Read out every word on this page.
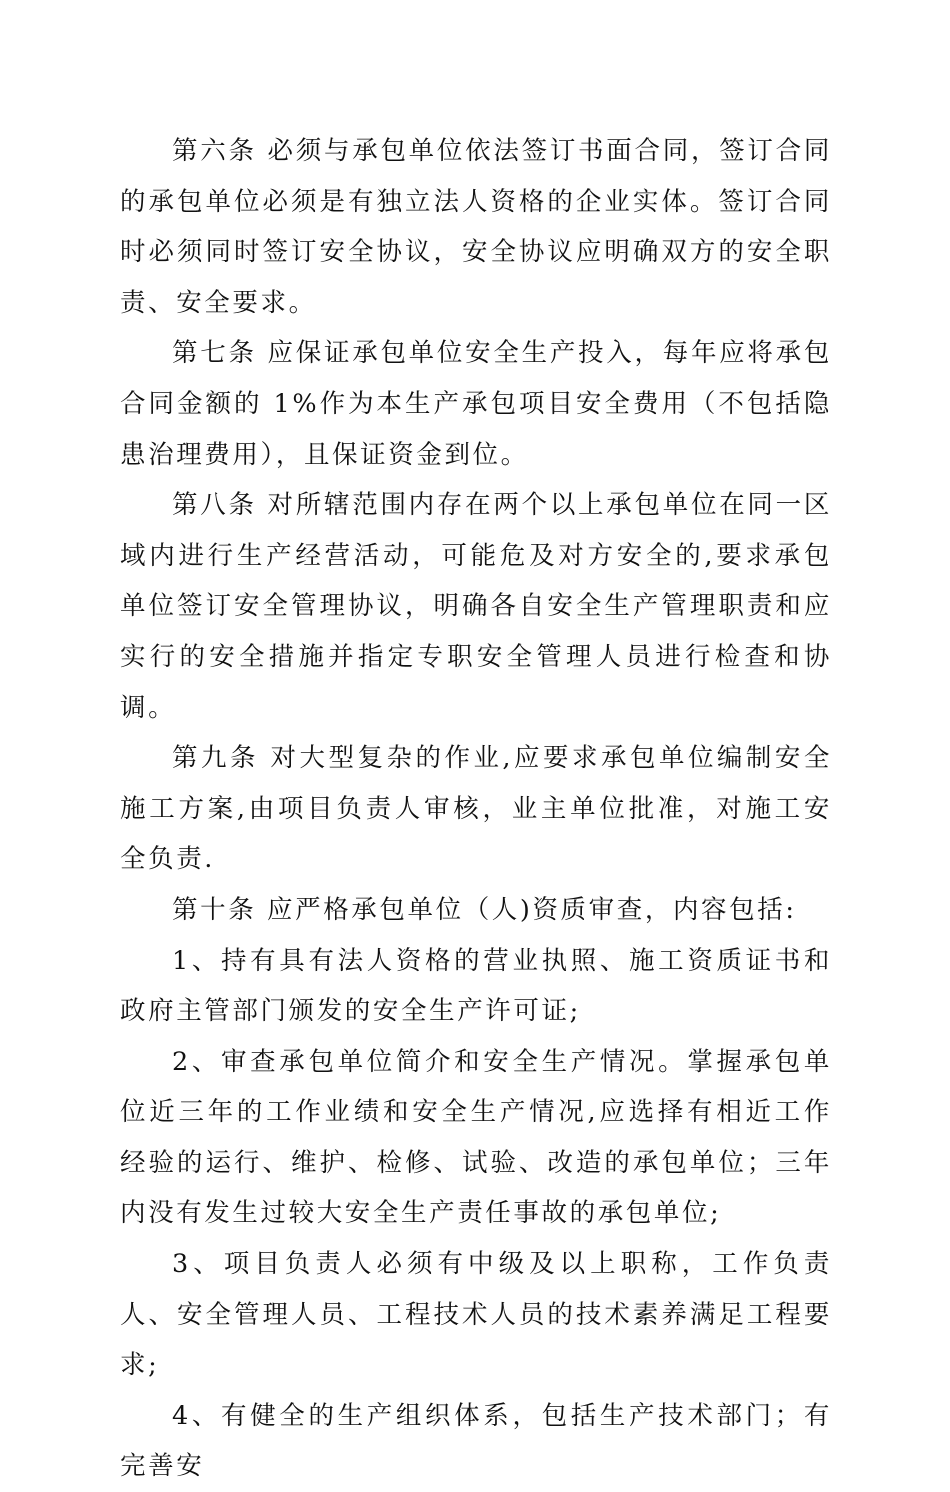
第六条 必须与承包单位依法签订书面合同，签订合同的承包单位必须是有独立法人资格的企业实体。签订合同时必须同时签订安全协议，安全协议应明确双方的安全职责、安全要求。

第七条 应保证承包单位安全生产投入，每年应将承包合同金额的 1%作为本生产承包项目安全费用（不包括隐患治理费用），且保证资金到位。

第八条 对所辖范围内存在两个以上承包单位在同一区域内进行生产经营活动，可能危及对方安全的,要求承包单位签订安全管理协议，明确各自安全生产管理职责和应实行的安全措施并指定专职安全管理人员进行检查和协调。

第九条 对大型复杂的作业,应要求承包单位编制安全施工方案,由项目负责人审核，业主单位批准，对施工安全负责.

第十条 应严格承包单位（人)资质审查，内容包括:

1、持有具有法人资格的营业执照、施工资质证书和政府主管部门颁发的安全生产许可证;

2、审查承包单位简介和安全生产情况。掌握承包单位近三年的工作业绩和安全生产情况,应选择有相近工作经验的运行、维护、检修、试验、改造的承包单位；三年内没有发生过较大安全生产责任事故的承包单位;

3、项目负责人必须有中级及以上职称，工作负责人、安全管理人员、工程技术人员的技术素养满足工程要求;

4、有健全的生产组织体系，包括生产技术部门；有完善安
